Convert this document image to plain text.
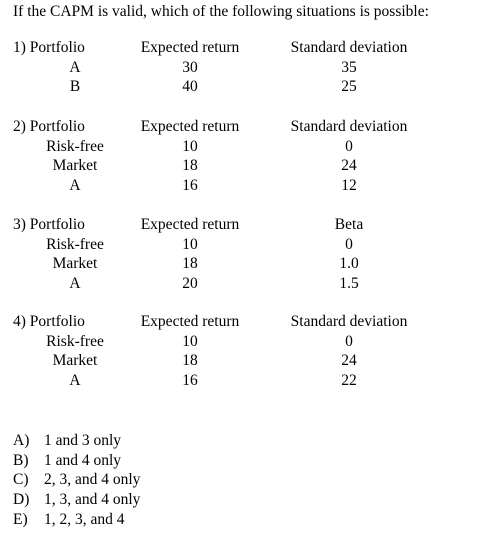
If the CAPM is valid, which of the following situations is possible:
1) Portfolio	Expected return	Standard deviation
A	30	35
B	40	25
2) Portfolio	Expected return	Standard deviation
Risk-free	10	0
Market	18	24
A	16	12
3) Portfolio	Expected return	Beta
Risk-free	10	0
Market	18	1.0
A	20	1.5
4) Portfolio	Expected return	Standard deviation
Risk-free	10	0
Market	18	24
A	16	22
A) 1 and 3 only
B) 1 and 4 only
C) 2, 3, and 4 only
D) 1, 3, and 4 only
E) 1, 2, 3, and 4
